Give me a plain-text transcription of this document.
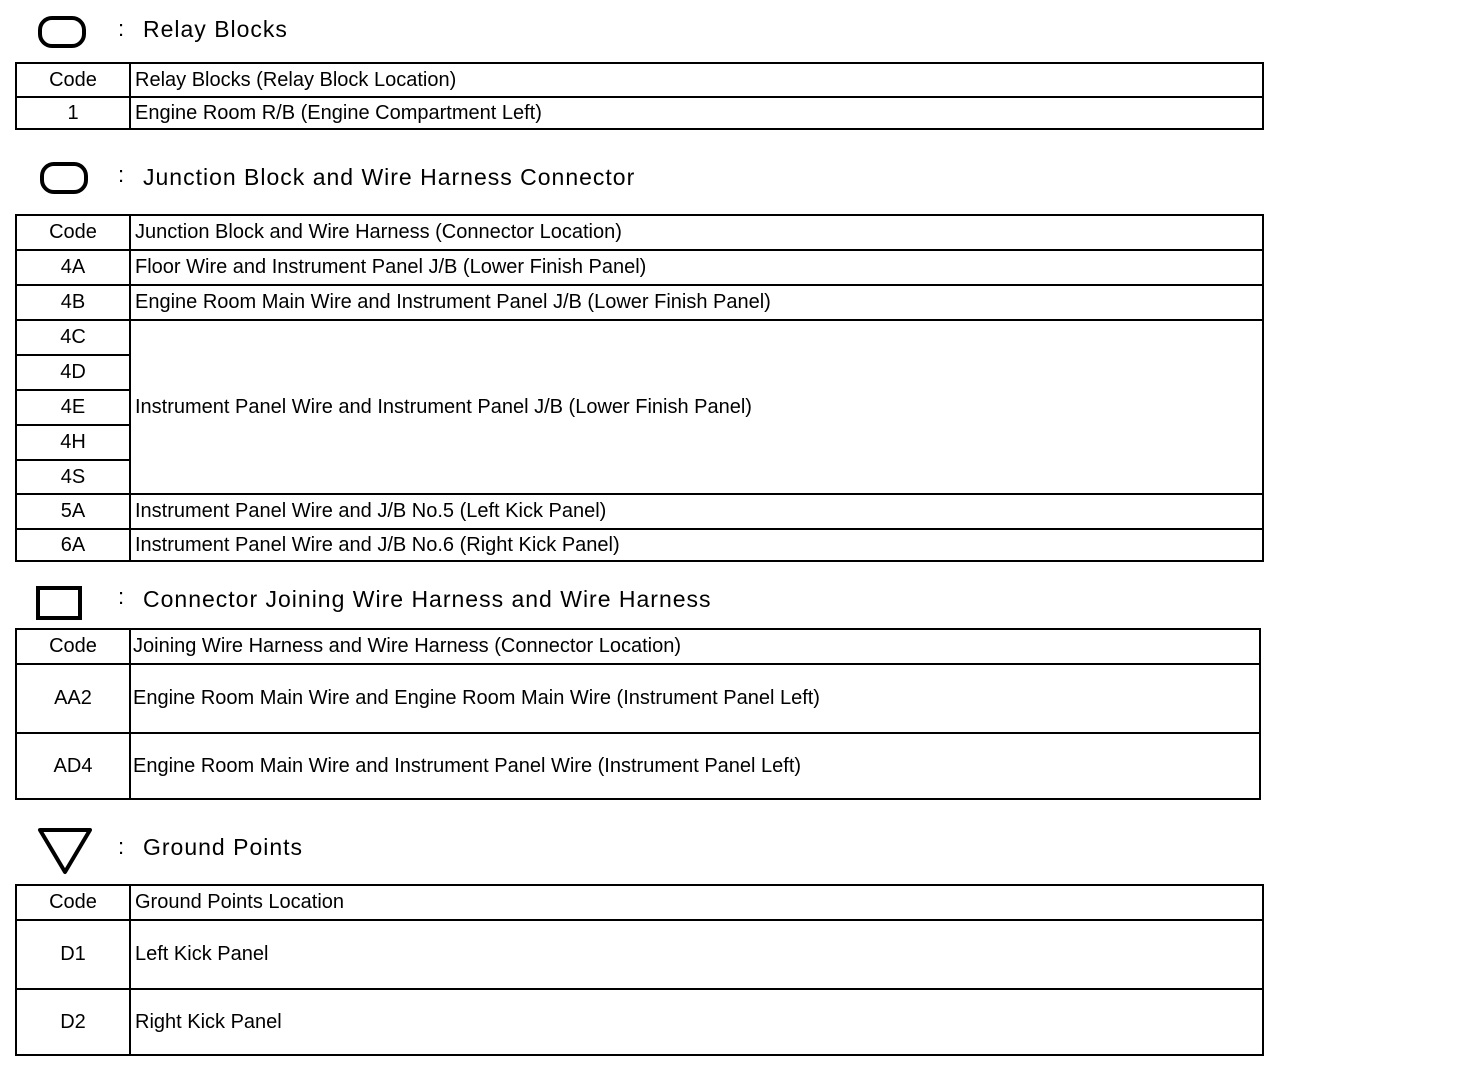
: Relay Blocks
Code	Relay Blocks (Relay Block Location)
1	Engine Room R/B (Engine Compartment Left)
: Junction Block and Wire Harness Connector
Code	Junction Block and Wire Harness (Connector Location)
4A	Floor Wire and Instrument Panel J/B (Lower Finish Panel)
4B	Engine Room Main Wire and Instrument Panel J/B (Lower Finish Panel)
4C	Instrument Panel Wire and Instrument Panel J/B (Lower Finish Panel)
4D	
4E	
4H	
4S	
5A	Instrument Panel Wire and J/B No.5 (Left Kick Panel)
6A	Instrument Panel Wire and J/B No.6 (Right Kick Panel)
: Connector Joining Wire Harness and Wire Harness
Code	Joining Wire Harness and Wire Harness (Connector Location)
AA2	Engine Room Main Wire and Engine Room Main Wire (Instrument Panel Left)
AD4	Engine Room Main Wire and Instrument Panel Wire (Instrument Panel Left)
: Ground Points
Code	Ground Points Location
D1	Left Kick Panel
D2	Right Kick Panel
